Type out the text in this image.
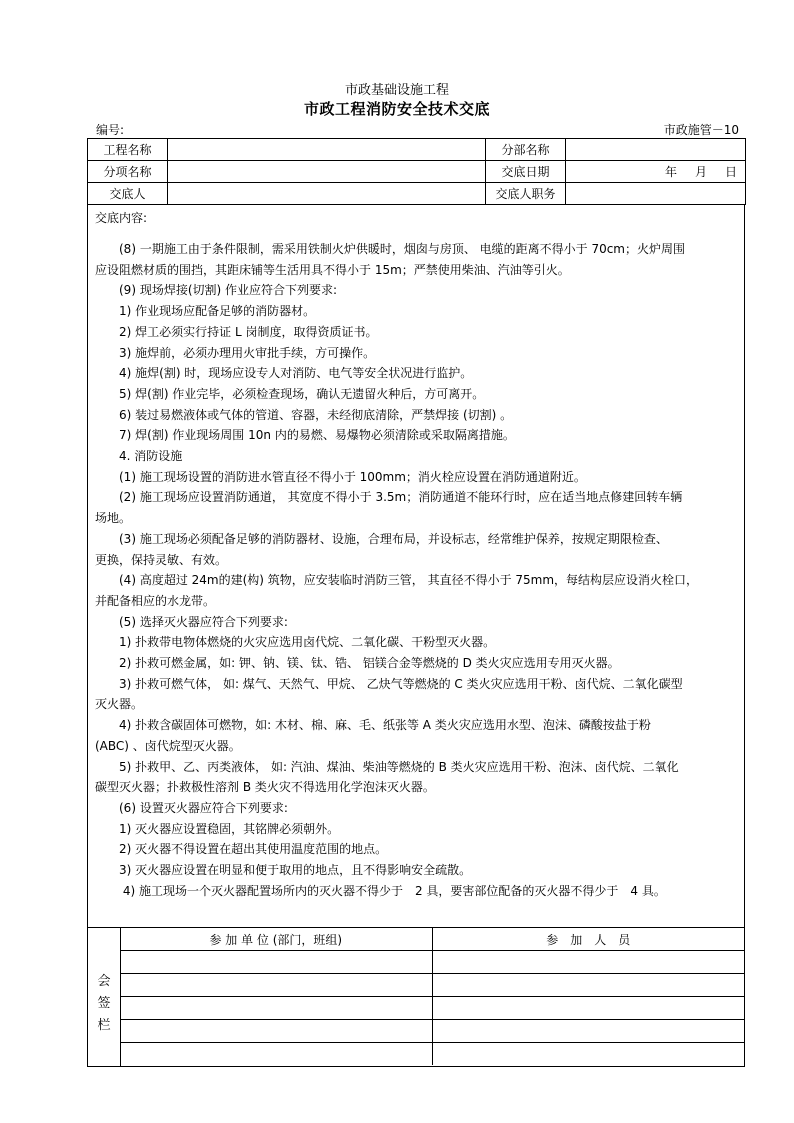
市政基础设施工程
市政工程消防安全技术交底
编号:	市政施管－10
工程名称		分部名称	
分项名称		交底日期	年 月 日
交底人		交底人职务	
交底内容:
　　(8) 一期施工由于条件限制，需采用铁制火炉供暖时，烟囱与房顶、 电缆的距离不得小于 70cm；火炉周围
应设阻燃材质的围挡，其距床铺等生活用具不得小于 15m；严禁使用柴油、汽油等引火。
　　(9) 现场焊接(切割) 作业应符合下列要求:
　　1) 作业现场应配备足够的消防器材。
　　2) 焊工必须实行持证 L 岗制度，取得资质证书。
　　3) 施焊前，必须办理用火审批手续，方可操作。
　　4) 施焊(割) 时，现场应设专人对消防、电气等安全状况进行监护。
　　5) 焊(割) 作业完毕，必须检查现场，确认无遗留火种后，方可离开。
　　6) 装过易燃液体或气体的管道、容器，未经彻底清除，严禁焊接 (切割) 。
　　7) 焊(割) 作业现场周围 10n 内的易燃、易爆物必须清除或采取隔离措施。
　　4. 消防设施
　　(1) 施工现场设置的消防进水管直径不得小于 100mm；消火栓应设置在消防通道附近。
　　(2) 施工现场应设置消防通道， 其宽度不得小于 3.5m；消防通道不能环行时，应在适当地点修建回转车辆
场地。
　　(3) 施工现场必须配备足够的消防器材、设施，合理布局，并设标志，经常维护保养，按规定期限检查、
更换，保持灵敏、有效。
　　(4) 高度超过 24m的建(构) 筑物，应安装临时消防三管， 其直径不得小于 75mm，每结构层应设消火栓口，
并配备相应的水龙带。
　　(5) 选择灭火器应符合下列要求:
　　1) 扑救带电物体燃烧的火灾应选用卤代烷、二氧化碳、干粉型灭火器。
　　2) 扑救可燃金属，如: 钾、钠、镁、钛、锆、 铝镁合金等燃烧的 D 类火灾应选用专用灭火器。
　　3) 扑救可燃气体， 如: 煤气、天然气、甲烷、 乙炔气等燃烧的 C 类火灾应选用干粉、卤代烷、二氧化碳型
灭火器。
　　4) 扑救含碳固体可燃物，如: 木材、棉、麻、毛、纸张等 A 类火灾应选用水型、泡沫、磷酸按盐于粉
(ABC) 、卤代烷型灭火器。
　　5) 扑救甲、乙、丙类液体， 如: 汽油、煤油、柴油等燃烧的 B 类火灾应选用干粉、泡沫、卤代烷、二氧化
碳型灭火器；扑救极性溶剂 B 类火灾不得选用化学泡沫灭火器。
　　(6) 设置灭火器应符合下列要求:
　　1) 灭火器应设置稳固，其铭牌必须朝外。
　　2) 灭火器不得设置在超出其使用温度范围的地点。
　　3) 灭火器应设置在明显和便于取用的地点，且不得影响安全疏散。
　　 4) 施工现场一个灭火器配置场所内的灭火器不得少于　2 具，要害部位配备的灭火器不得少于　4 具。
会
签
栏
参 加 单 位 (部门，班组)	参　加　人　员
